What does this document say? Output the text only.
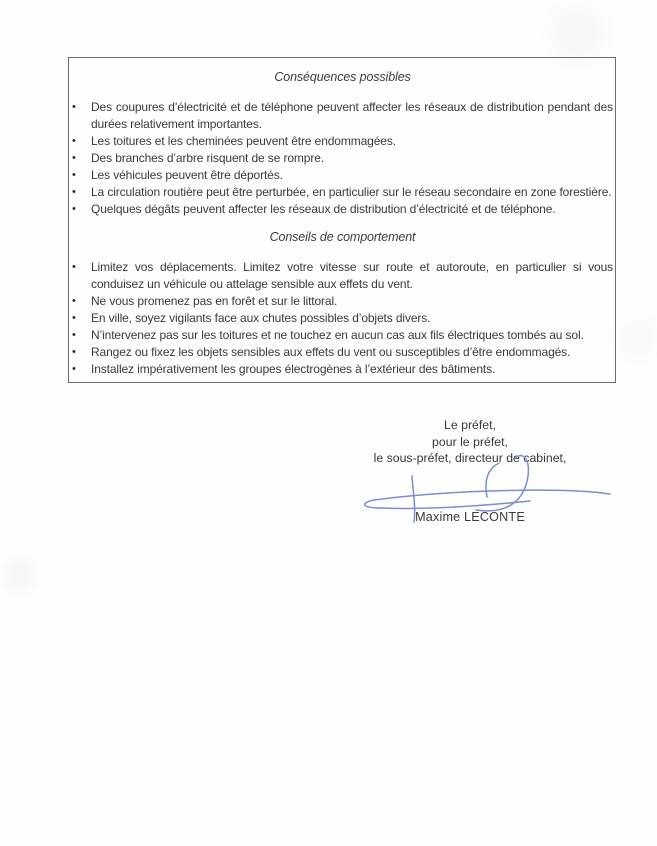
Conséquences possibles
•	Des coupures d’électricité et de téléphone peuvent affecter les réseaux de distribution pendant des durées relativement importantes.
•	Les toitures et les cheminées peuvent être endommagées.
•	Des branches d’arbre risquent de se rompre.
•	Les véhicules peuvent être déportés.
•	La circulation routière peut être perturbée, en particulier sur le réseau secondaire en zone forestière.
•	Quelques dégâts peuvent affecter les réseaux de distribution d’électricité et de téléphone.
Conseils de comportement
•	Limitez vos déplacements. Limitez votre vitesse sur route et autoroute, en particulier si vous conduisez un véhicule ou attelage sensible aux effets du vent.
•	Ne vous promenez pas en forêt et sur le littoral.
•	En ville, soyez vigilants face aux chutes possibles d’objets divers.
•	N’intervenez pas sur les toitures et ne touchez en aucun cas aux fils électriques tombés au sol.
•	Rangez ou fixez les objets sensibles aux effets du vent ou susceptibles d’être endommagés.
•	Installez impérativement les groupes électrogènes à l’extérieur des bâtiments.
Le préfet,
pour le préfet,
le sous-préfet, directeur de cabinet,
Maxime LECONTE
